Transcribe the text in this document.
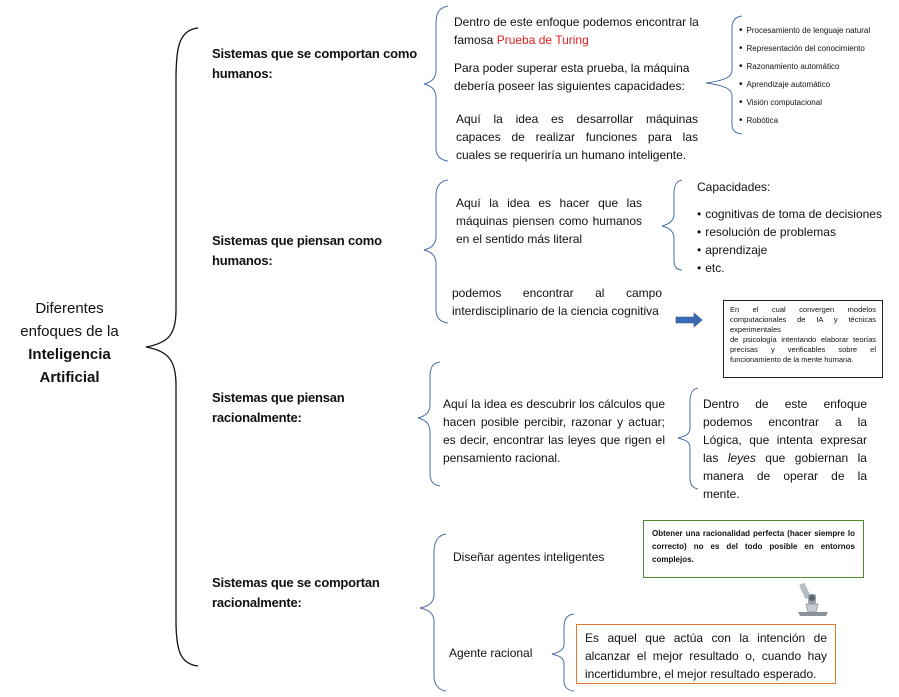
Diferentes
enfoques de la
Inteligencia
Artificial
Sistemas que se comportan como humanos:
Dentro de este enfoque podemos encontrar la famosa Prueba de Turing
Para poder superar esta prueba, la máquina debería poseer las siguientes capacidades:
Aquí la idea es desarrollar máquinas capaces de realizar funciones para las cuales se requeriría un humano inteligente.
• Procesamiento de lenguaje natural
• Representación del conocimiento
• Razonamiento automático
• Aprendizaje automático
• Visión computacional
• Robótica
Sistemas que piensan como humanos:
Aquí la idea es hacer que las máquinas piensen como humanos en el sentido más literal
Capacidades:
• cognitivas de toma de decisiones
• resolución de problemas
• aprendizaje
• etc.
podemos encontrar al campo interdisciplinario de la ciencia cognitiva	En el cual convergen modelos computacionales de IA y técnicas experimentales
de psicología intentando elaborar teorías precisas y verificables sobre el funcionamiento de la mente humana.
Sistemas que piensan racionalmente:
Aquí la idea es descubrir los cálculos que hacen posible percibir, razonar y actuar; es decir, encontrar las leyes que rigen el pensamiento racional.
Dentro de este enfoque podemos encontrar a la Lógica, que intenta expresar las leyes que gobiernan la manera de operar de la mente.
Sistemas que se comportan racionalmente:
Diseñar agentes inteligentes
Obtener una racionalidad perfecta (hacer siempre lo correcto) no es del todo posible en entornos complejos.
Agente racional
Es aquel que actúa con la intención de alcanzar el mejor resultado o, cuando hay incertidumbre, el mejor resultado esperado.
